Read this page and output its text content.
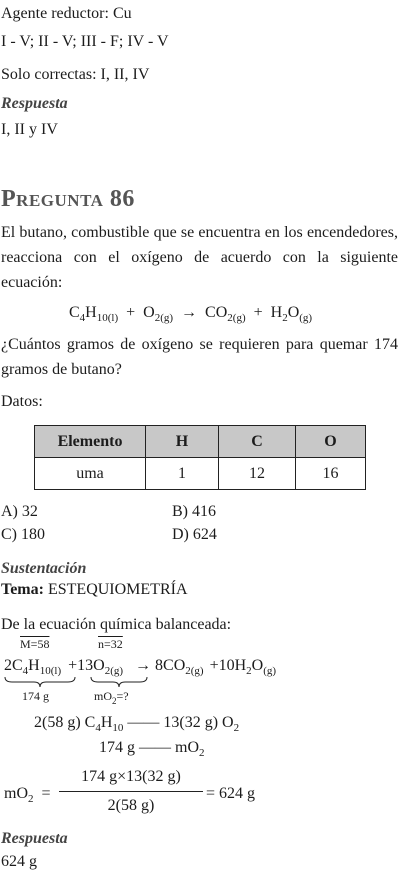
Agente reductor: Cu
I - V; II - V; III - F; IV - V
Solo correctas: I, II, IV
Respuesta
I, II y IV
PREGUNTA 86
El butano, combustible que se encuentra en los encendedores, reacciona con el oxígeno de acuerdo con la siguiente ecuación:
$C_4H_{10(l)} + O_{2(g)} \to CO_{2(g)} + H_2O_{(g)}$
¿Cuántos gramos de oxígeno se requieren para quemar 174 gramos de butano?
Datos:
Elemento	H	C	O
uma	1	12	16
A) 32	B) 416
C) 180	D) 624
Sustentación
Tema: ESTEQUIOMETRÍA
De la ecuación química balanceada:
M=58	n=32
$2C_4H_{10(l)} +13O_{2(g)} \to 8CO_{2(g)} +10H_2O_{(g)}$
174 g	$mO_2=$?
2(58 g) $C_4H_{10}$ —— 13(32 g) $O_2$
174 g —— $mO_2$
$mO_2$ =
174 g×13(32 g)
2(58 g)
= 624 g
Respuesta
624 g
